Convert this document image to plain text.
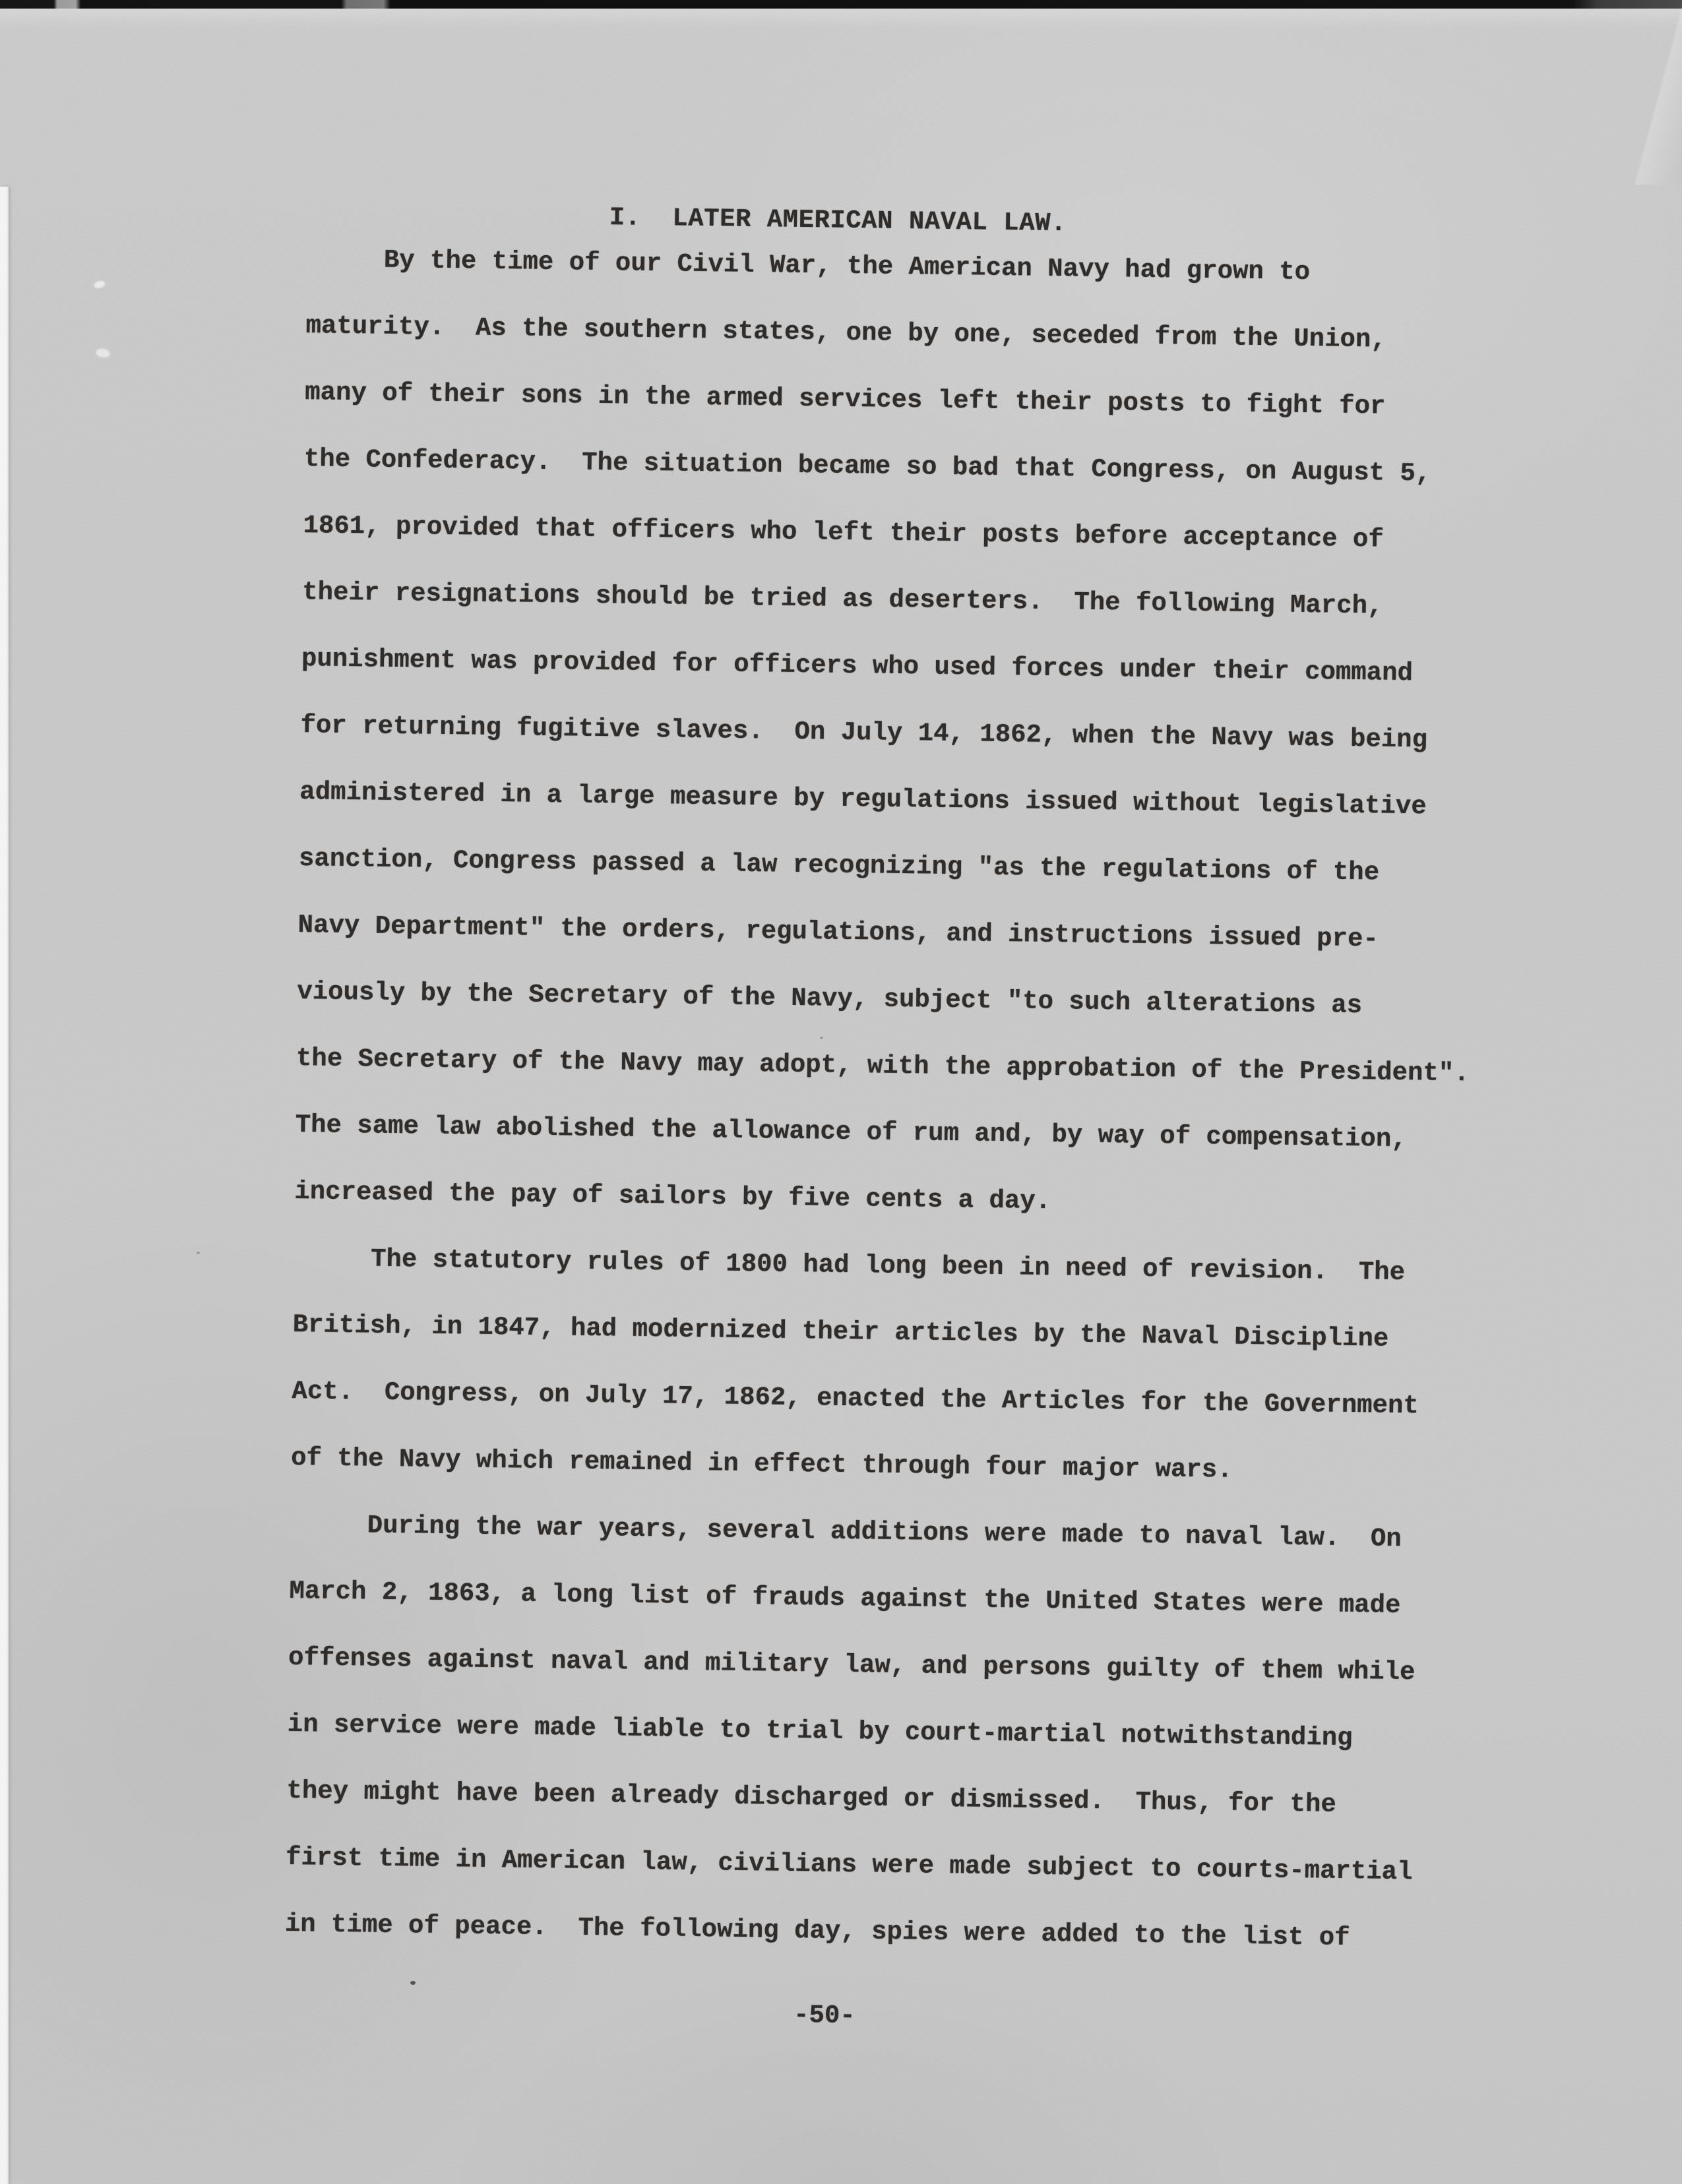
I.  LATER AMERICAN NAVAL LAW.
By the time of our Civil War, the American Navy had grown to
maturity.  As the southern states, one by one, seceded from the Union,
many of their sons in the armed services left their posts to fight for
the Confederacy.  The situation became so bad that Congress, on August 5,
1861, provided that officers who left their posts before acceptance of
their resignations should be tried as deserters.  The following March,
punishment was provided for officers who used forces under their command
for returning fugitive slaves.  On July 14, 1862, when the Navy was being
administered in a large measure by regulations issued without legislative
sanction, Congress passed a law recognizing "as the regulations of the
Navy Department" the orders, regulations, and instructions issued pre-
viously by the Secretary of the Navy, subject "to such alterations as
the Secretary of the Navy may adopt, with the approbation of the President".
The same law abolished the allowance of rum and, by way of compensation,
increased the pay of sailors by five cents a day.
The statutory rules of 1800 had long been in need of revision.  The
British, in 1847, had modernized their articles by the Naval Discipline
Act.  Congress, on July 17, 1862, enacted the Articles for the Government
of the Navy which remained in effect through four major wars.
During the war years, several additions were made to naval law.  On
March 2, 1863, a long list of frauds against the United States were made
offenses against naval and military law, and persons guilty of them while
in service were made liable to trial by court-martial notwithstanding
they might have been already discharged or dismissed.  Thus, for the
first time in American law, civilians were made subject to courts-martial
in time of peace.  The following day, spies were added to the list of
-50-
